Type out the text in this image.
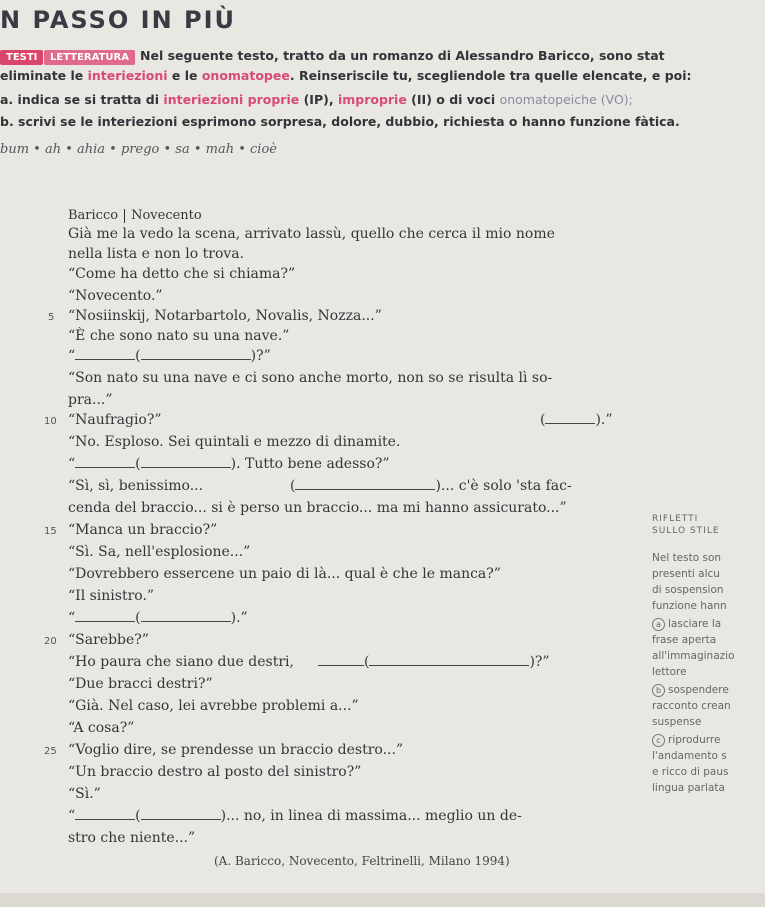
N PASSO IN PIÙ
TESTI	LETTERATURA Nel seguente testo, tratto da un romanzo di Alessandro Baricco, sono stat
eliminate le interiezioni e le onomatopee. Reinseriscile tu, scegliendole tra quelle elencate, e poi:
a. indica se si tratta di interiezioni proprie (IP), improprie (II) o di voci onomatopeiche (VO);
b. scrivi se le interiezioni esprimono sorpresa, dolore, dubbio, richiesta o hanno funzione fàtica.
bum • ah • ahia • prego • sa • mah • cioè
Baricco Novecento
Già me la vedo la scena, arrivato lassù, quello che cerca il mio nome
nella lista e non lo trova.
“Come ha detto che si chiama?”
“Novecento.”
5 “Nosiinskij, Notarbartolo, Novalis, Nozza...”
“È che sono nato su una nave.”
“	(	)?”
“Son nato su una nave e ci sono anche morto, non so se risulta lì so-
pra...”
10 “Naufragio?”	(	).”
“No. Esploso. Sei quintali e mezzo di dinamite.
“	(	). Tutto bene adesso?”
“Sì, sì, benissimo...	(	)... c'è solo 'sta fac-
cenda del braccio... si è perso un braccio... ma mi hanno assicurato...”
15 “Manca un braccio?”
“Sì. Sa, nell'esplosione...”
“Dovrebbero essercene un paio di là... qual è che le manca?”
“Il sinistro.”
“	(	).”
20 “Sarebbe?”
“Ho paura che siano due destri,	(	)?”
“Due bracci destri?”
“Già. Nel caso, lei avrebbe problemi a...”
“A cosa?”
25 “Voglio dire, se prendesse un braccio destro...”
“Un braccio destro al posto del sinistro?”
“Sì.”
“	(	)... no, in linea di massima... meglio un de-
stro che niente...”
RIFLETTI
SULLO STILE
Nel testo son
presenti alcu
di sospension
funzione hann
a lasciare la
frase aperta
all'immaginazio
lettore
b sospendere
racconto crean
suspense
c riprodurre
l'andamento s
e ricco di paus
lingua parlata
(A. Baricco, Novecento, Feltrinelli, Milano 1994)
